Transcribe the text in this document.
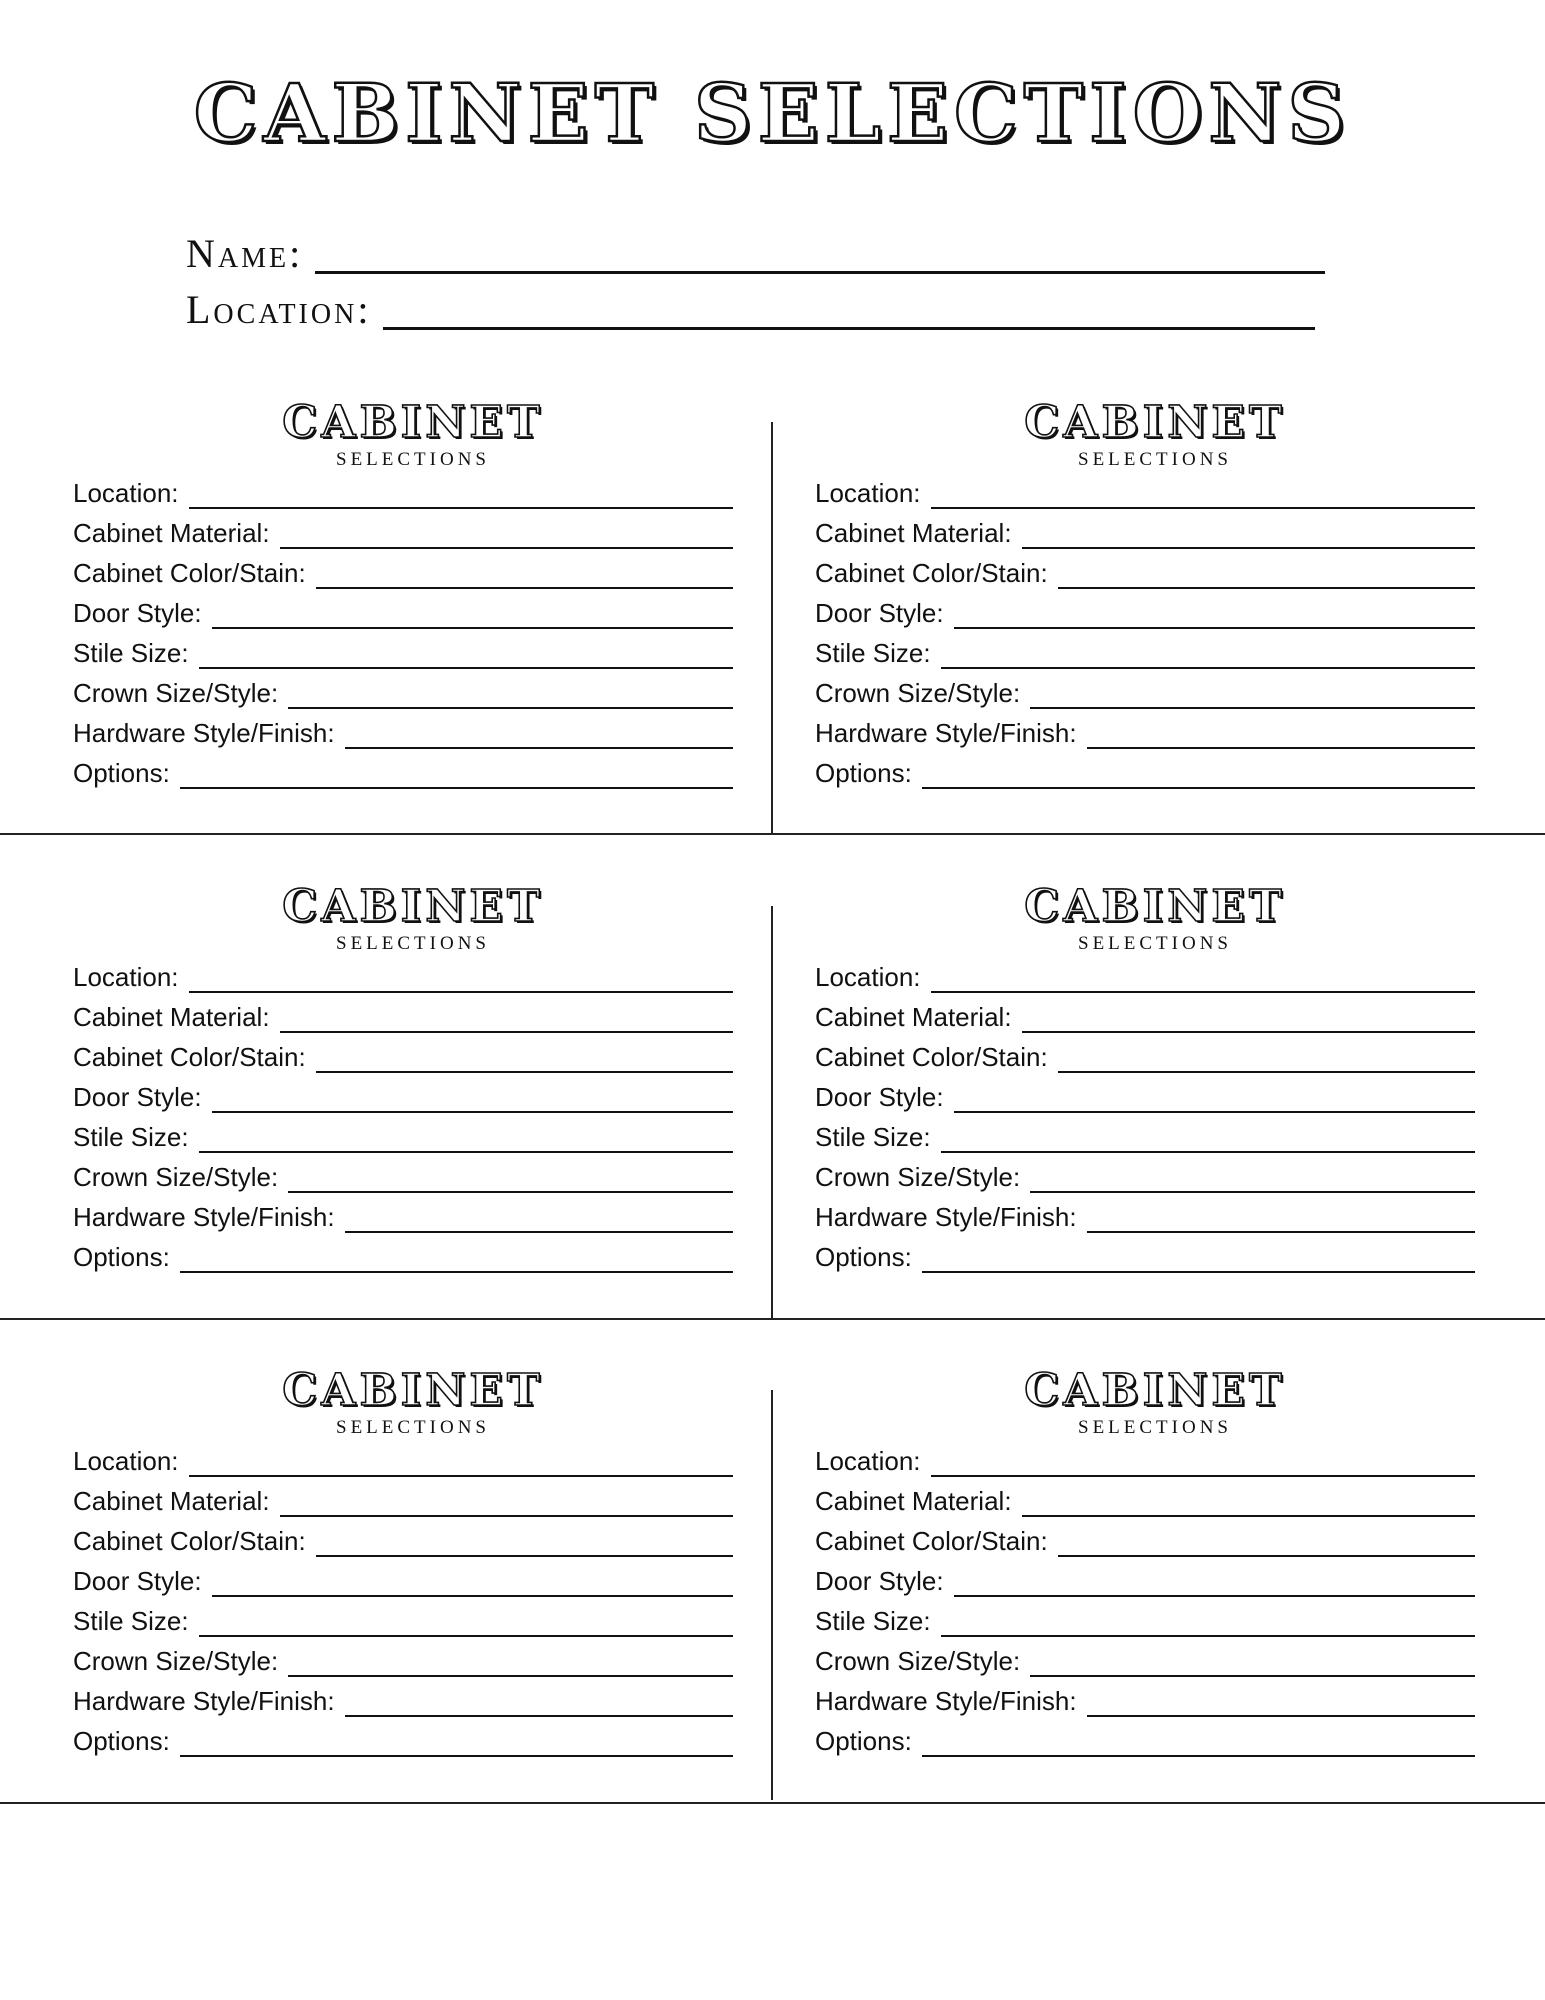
CABINET SELECTIONS
Name:
Location:
CABINET
SELECTIONS
Location:
Cabinet Material:
Cabinet Color/Stain:
Door Style:
Stile Size:
Crown Size/Style:
Hardware Style/Finish:
Options:
CABINET
SELECTIONS
Location:
Cabinet Material:
Cabinet Color/Stain:
Door Style:
Stile Size:
Crown Size/Style:
Hardware Style/Finish:
Options:
CABINET
SELECTIONS
Location:
Cabinet Material:
Cabinet Color/Stain:
Door Style:
Stile Size:
Crown Size/Style:
Hardware Style/Finish:
Options:
CABINET
SELECTIONS
Location:
Cabinet Material:
Cabinet Color/Stain:
Door Style:
Stile Size:
Crown Size/Style:
Hardware Style/Finish:
Options:
CABINET
SELECTIONS
Location:
Cabinet Material:
Cabinet Color/Stain:
Door Style:
Stile Size:
Crown Size/Style:
Hardware Style/Finish:
Options:
CABINET
SELECTIONS
Location:
Cabinet Material:
Cabinet Color/Stain:
Door Style:
Stile Size:
Crown Size/Style:
Hardware Style/Finish:
Options:
